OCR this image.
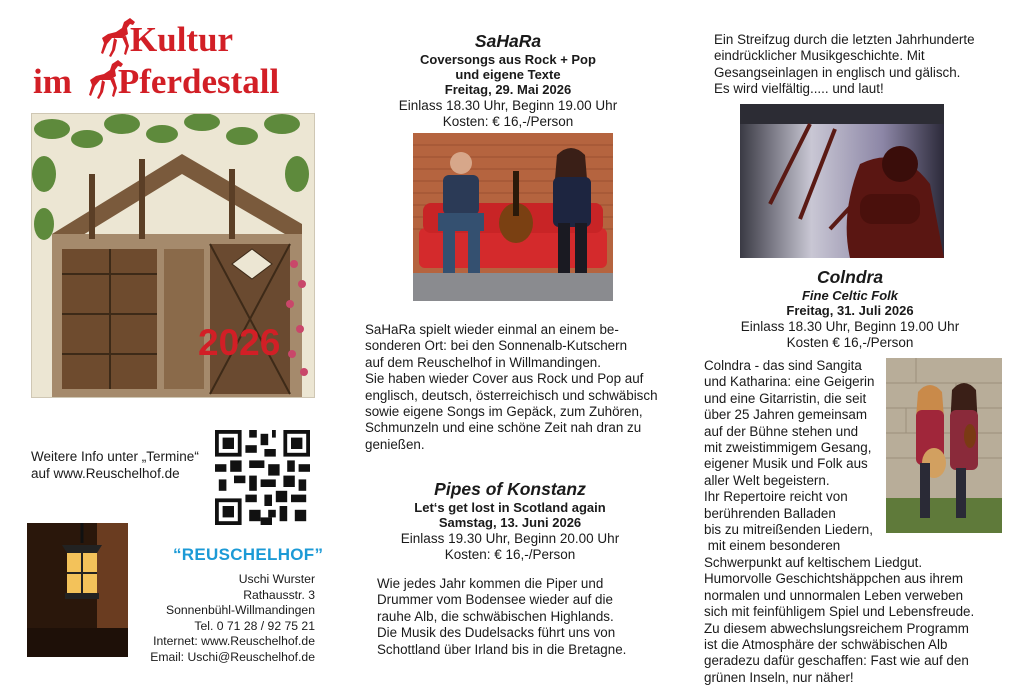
Kultur
im Pferdestall
2026
Weitere Info unter „Termine“
auf www.Reuschelhof.de
“REUSCHELHOF”
Uschi Wurster
Rathausstr. 3
Sonnenbühl-Willmandingen
Tel. 0 71 28 / 92 75 21
Internet: www.Reuschelhof.de
Email: Uschi@Reuschelhof.de
SaHaRa
Coversongs aus Rock + Pop
und eigene Texte
Freitag, 29. Mai 2026
Einlass 18.30 Uhr, Beginn 19.00 Uhr
Kosten: € 16,-/Person
SaHaRa spielt wieder einmal an einem be-
sonderen Ort: bei den Sonnenalb-Kutschern
auf dem Reuschelhof in Willmandingen.
Sie haben wieder Cover aus Rock und Pop auf
englisch, deutsch, österreichisch und schwäbisch
sowie eigene Songs im Gepäck, zum Zuhören,
Schmunzeln und eine schöne Zeit nah dran zu
genießen.
Pipes of Konstanz
Let‘s get lost in Scotland again
Samstag, 13. Juni 2026
Einlass 19.30 Uhr, Beginn 20.00 Uhr
Kosten: € 16,-/Person
Wie jedes Jahr kommen die Piper und
Drummer vom Bodensee wieder auf die
rauhe Alb, die schwäbischen Highlands.
Die Musik des Dudelsacks führt uns von
Schottland über Irland bis in die Bretagne.
Ein Streifzug durch die letzten Jahrhunderte
eindrücklicher Musikgeschichte. Mit
Gesangseinlagen in englisch und gälisch.
Es wird vielfältig..... und laut!
Colndra
Fine Celtic Folk
Freitag, 31. Juli 2026
Einlass 18.30 Uhr, Beginn 19.00 Uhr
Kosten € 16,-/Person
Colndra - das sind Sangita
und Katharina: eine Geigerin
und eine Gitarristin, die seit
über 25 Jahren gemeinsam
auf der Bühne stehen und
mit zweistimmigem Gesang,
eigener Musik und Folk aus
aller Welt begeistern.
Ihr Repertoire reicht von
berührenden Balladen
bis zu mitreißenden Liedern,
mit einem besonderen
Schwerpunkt auf keltischem Liedgut.
Humorvolle Geschichtshäppchen aus ihrem
normalen und unnormalen Leben verweben
sich mit feinfühligem Spiel und Lebensfreude.
Zu diesem abwechslungsreichem Programm
ist die Atmosphäre der schwäbischen Alb
geradezu dafür geschaffen: Fast wie auf den
grünen Inseln, nur näher!
